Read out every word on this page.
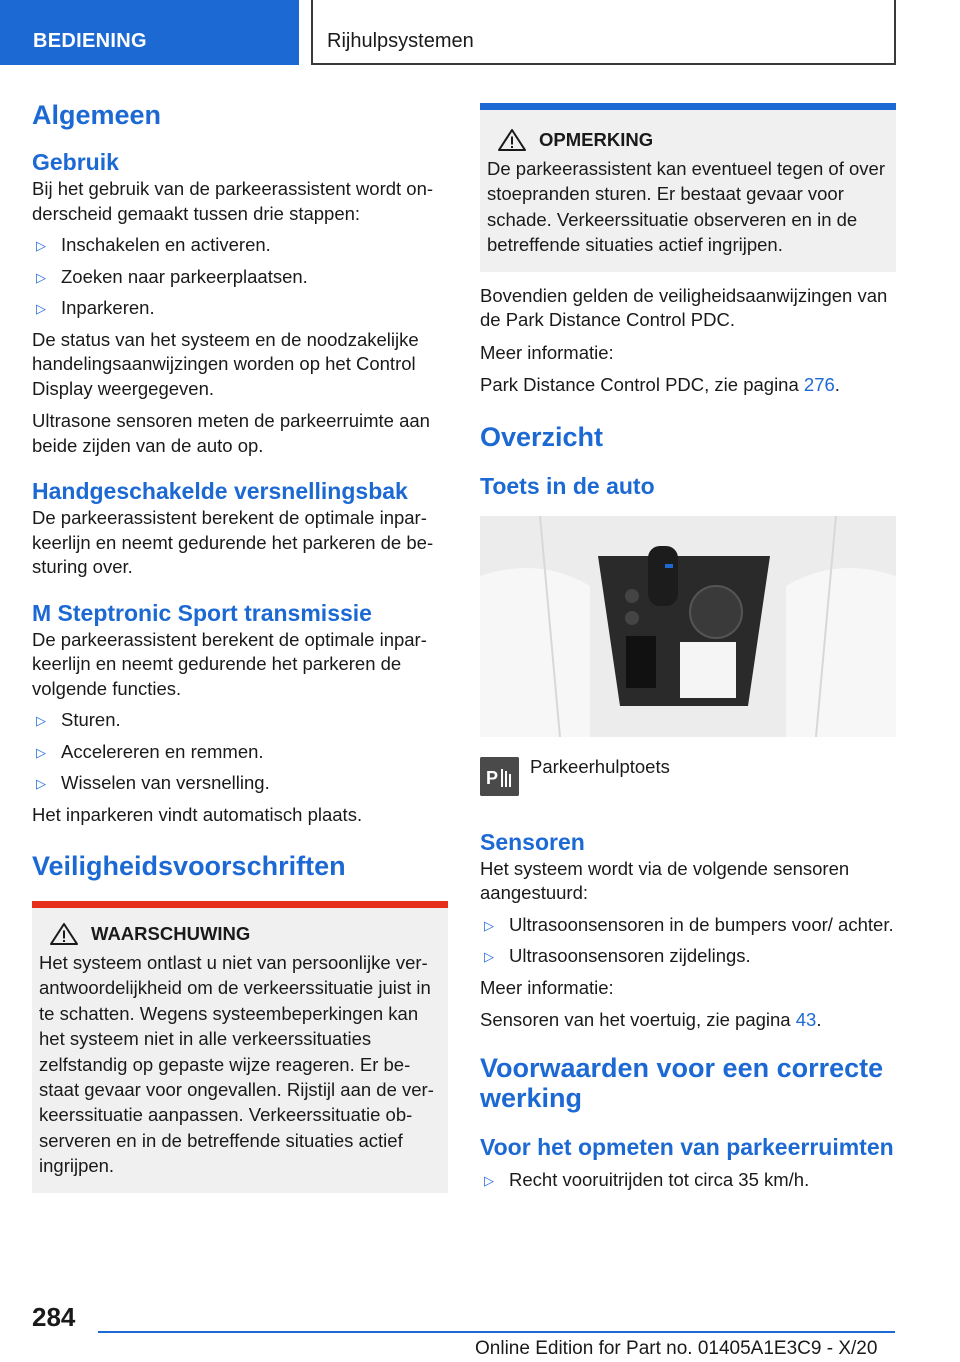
BEDIENING	Rijhulpsystemen
Algemeen
Gebruik

Bij het gebruik van de parkeerassistent wordt onderscheid gemaakt tussen drie stappen:

▷ Inschakelen en activeren.
▷ Zoeken naar parkeerplaatsen.
▷ Inparkeren.

De status van het systeem en de noodzakelijke handelingsaanwijzingen worden op het Control Display weergegeven.

Ultrasone sensoren meten de parkeerruimte aan beide zijden van de auto op.

Handgeschakelde versnellingsbak

De parkeerassistent berekent de optimale inparkeerlijn en neemt gedurende het parkeren de besturing over.

M Steptronic Sport transmissie

De parkeerassistent berekent de optimale inparkeerlijn en neemt gedurende het parkeren de volgende functies.

▷ Sturen.
▷ Accelereren en remmen.
▷ Wisselen van versnelling.

Het inparkeren vindt automatisch plaats.

Veiligheidsvoorschriften
WAARSCHUWING

Het systeem ontlast u niet van persoonlijke verantwoordelijkheid om de verkeerssituatie juist in te schatten. Wegens systeembeperkingen kan het systeem niet in alle verkeerssituaties zelfstandig op gepaste wijze reageren. Er bestaat gevaar voor ongevallen. Rijstijl aan de verkeerssituatie aanpassen. Verkeerssituatie observeren en in de betreffende situaties actief ingrijpen.

OPMERKING

De parkeerassistent kan eventueel tegen of over stoepranden sturen. Er bestaat gevaar voor schade. Verkeerssituatie observeren en in de betreffende situaties actief ingrijpen.

Bovendien gelden de veiligheidsaanwijzingen van de Park Distance Control PDC.

Meer informatie:

Park Distance Control PDC, zie pagina 276.

Overzicht
Toets in de auto
P
Parkeerhulptoets
Sensoren

Het systeem wordt via de volgende sensoren aangestuurd:

▷ Ultrasoonsensoren in de bumpers voor/ achter.
▷ Ultrasoonsensoren zijdelings.

Meer informatie:

Sensoren van het voertuig, zie pagina 43.

Voorwaarden voor een correcte werking
Voor het opmeten van parkeerruimten
▷ Recht vooruitrijden tot circa 35 km/h.
284
Online Edition for Part no. 01405A1E3C9 - X/20
